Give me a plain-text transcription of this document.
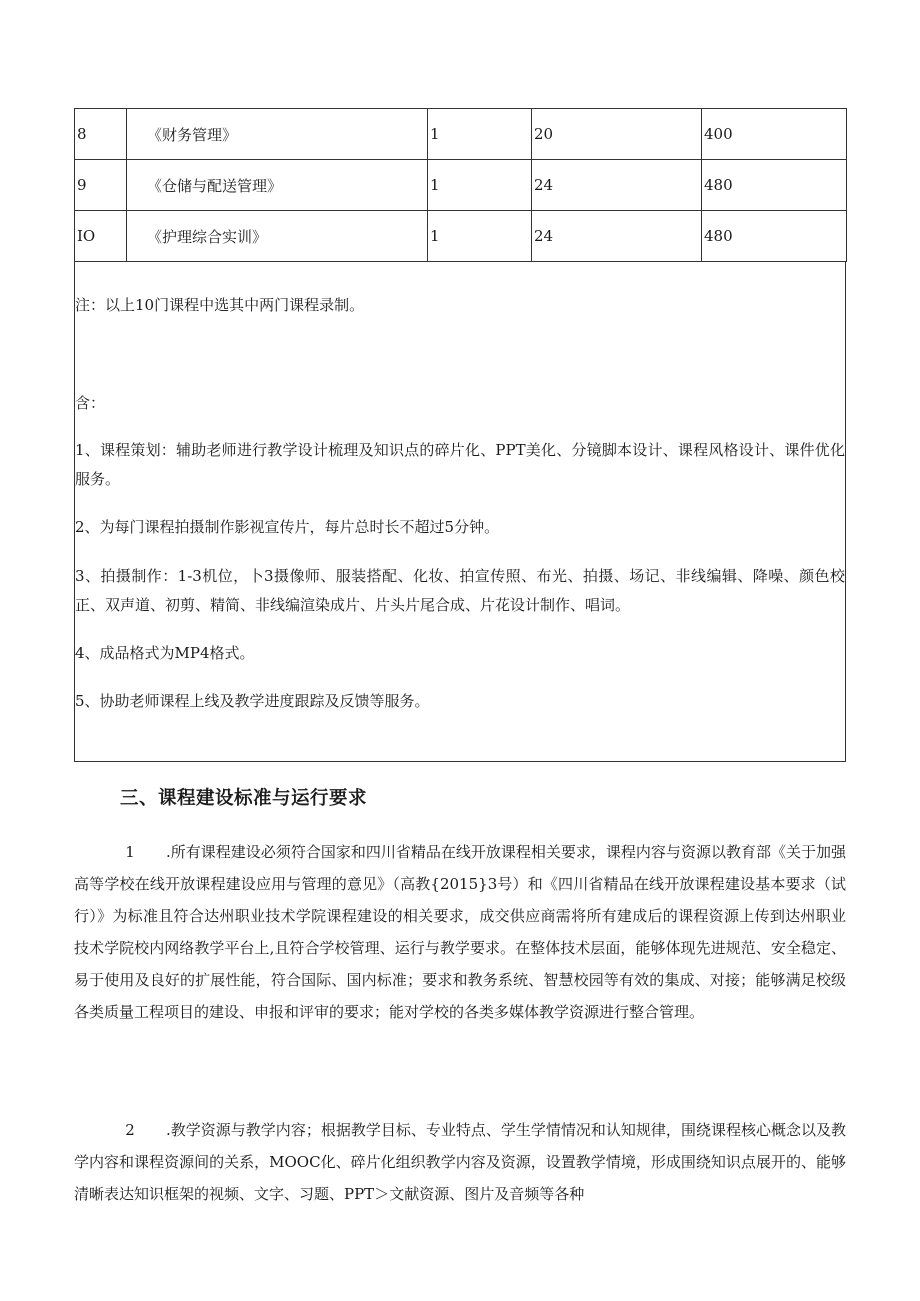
8	《财务管理》	1	20	400
9	《仓储与配送管理》	1	24	480
IO	《护理综合实训》	1	24	480
注：以上10门课程中选其中两门课程录制。
含：
1、课程策划：辅助老师进行教学设计梳理及知识点的碎片化、PPT美化、分镜脚本设计、课程风格设计、课件优化服务。
2、为每门课程拍摄制作影视宣传片，每片总时长不超过5分钟。
3、拍摄制作：1-3机位，卜3摄像师、服装搭配、化妆、拍宣传照、布光、拍摄、场记、非线编辑、降噪、颜色校正、双声道、初剪、精简、非线编渲染成片、片头片尾合成、片花设计制作、唱词。
4、成品格式为MP4格式。
5、协助老师课程上线及教学进度跟踪及反馈等服务。
三、课程建设标准与运行要求
1 .所有课程建设必须符合国家和四川省精品在线开放课程相关要求，课程内容与资源以教育部《关于加强高等学校在线开放课程建设应用与管理的意见》（高教{2015}3号）和《四川省精品在线开放课程建设基本要求（试行）》为标准且符合达州职业技术学院课程建设的相关要求，成交供应商需将所有建成后的课程资源上传到达州职业技术学院校内网络教学平台上,且符合学校管理、运行与教学要求。在整体技术层面，能够体现先进规范、安全稳定、易于使用及良好的扩展性能，符合国际、国内标准；要求和教务系统、智慧校园等有效的集成、对接；能够满足校级各类质量工程项目的建设、申报和评审的要求；能对学校的各类多媒体教学资源进行整合管理。
2 .教学资源与教学内容；根据教学目标、专业特点、学生学情情况和认知规律，围绕课程核心概念以及教学内容和课程资源间的关系，MOOC化、碎片化组织教学内容及资源，设置教学情境，形成围绕知识点展开的、能够清晰表达知识框架的视频、文字、习题、PPT＞文献资源、图片及音频等各种
